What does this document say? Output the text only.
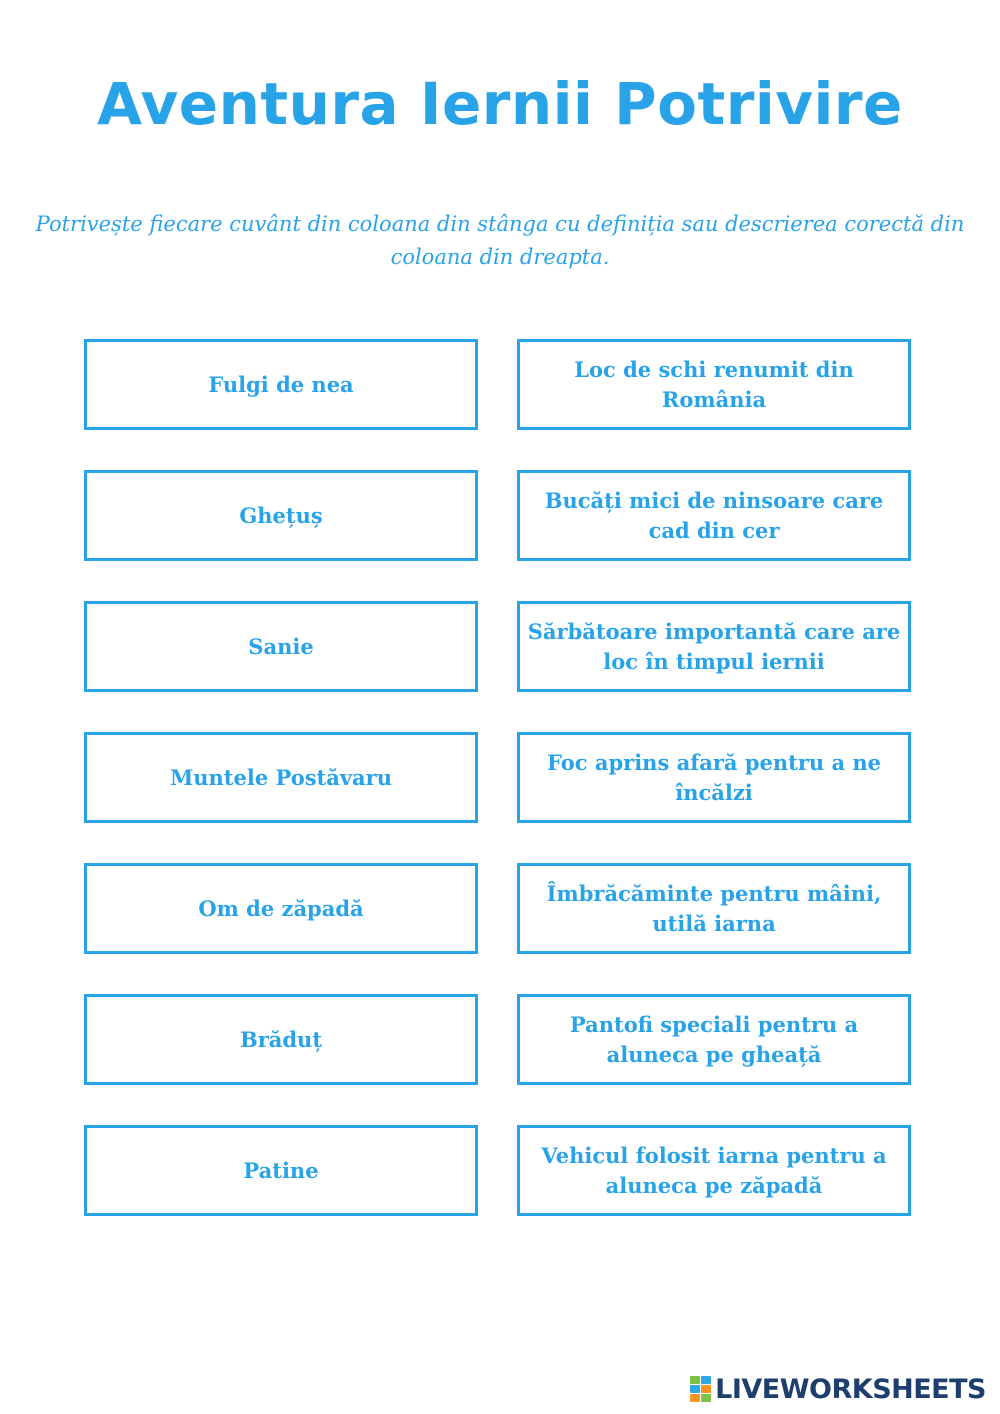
Aventura Iernii Potrivire
Potrivește fiecare cuvânt din coloana din stânga cu definiția sau descrierea corectă din coloana din dreapta.
Fulgi de nea
Ghețuș
Sanie
Muntele Postăvaru
Om de zăpadă
Brăduț
Patine
Loc de schi renumit din România
Bucăți mici de ninsoare care cad din cer
Sărbătoare importantă care are loc în timpul iernii
Foc aprins afară pentru a ne încălzi
Îmbrăcăminte pentru mâini, utilă iarna
Pantofi speciali pentru a aluneca pe gheață
Vehicul folosit iarna pentru a aluneca pe zăpadă
LIVEWORKSHEETS
